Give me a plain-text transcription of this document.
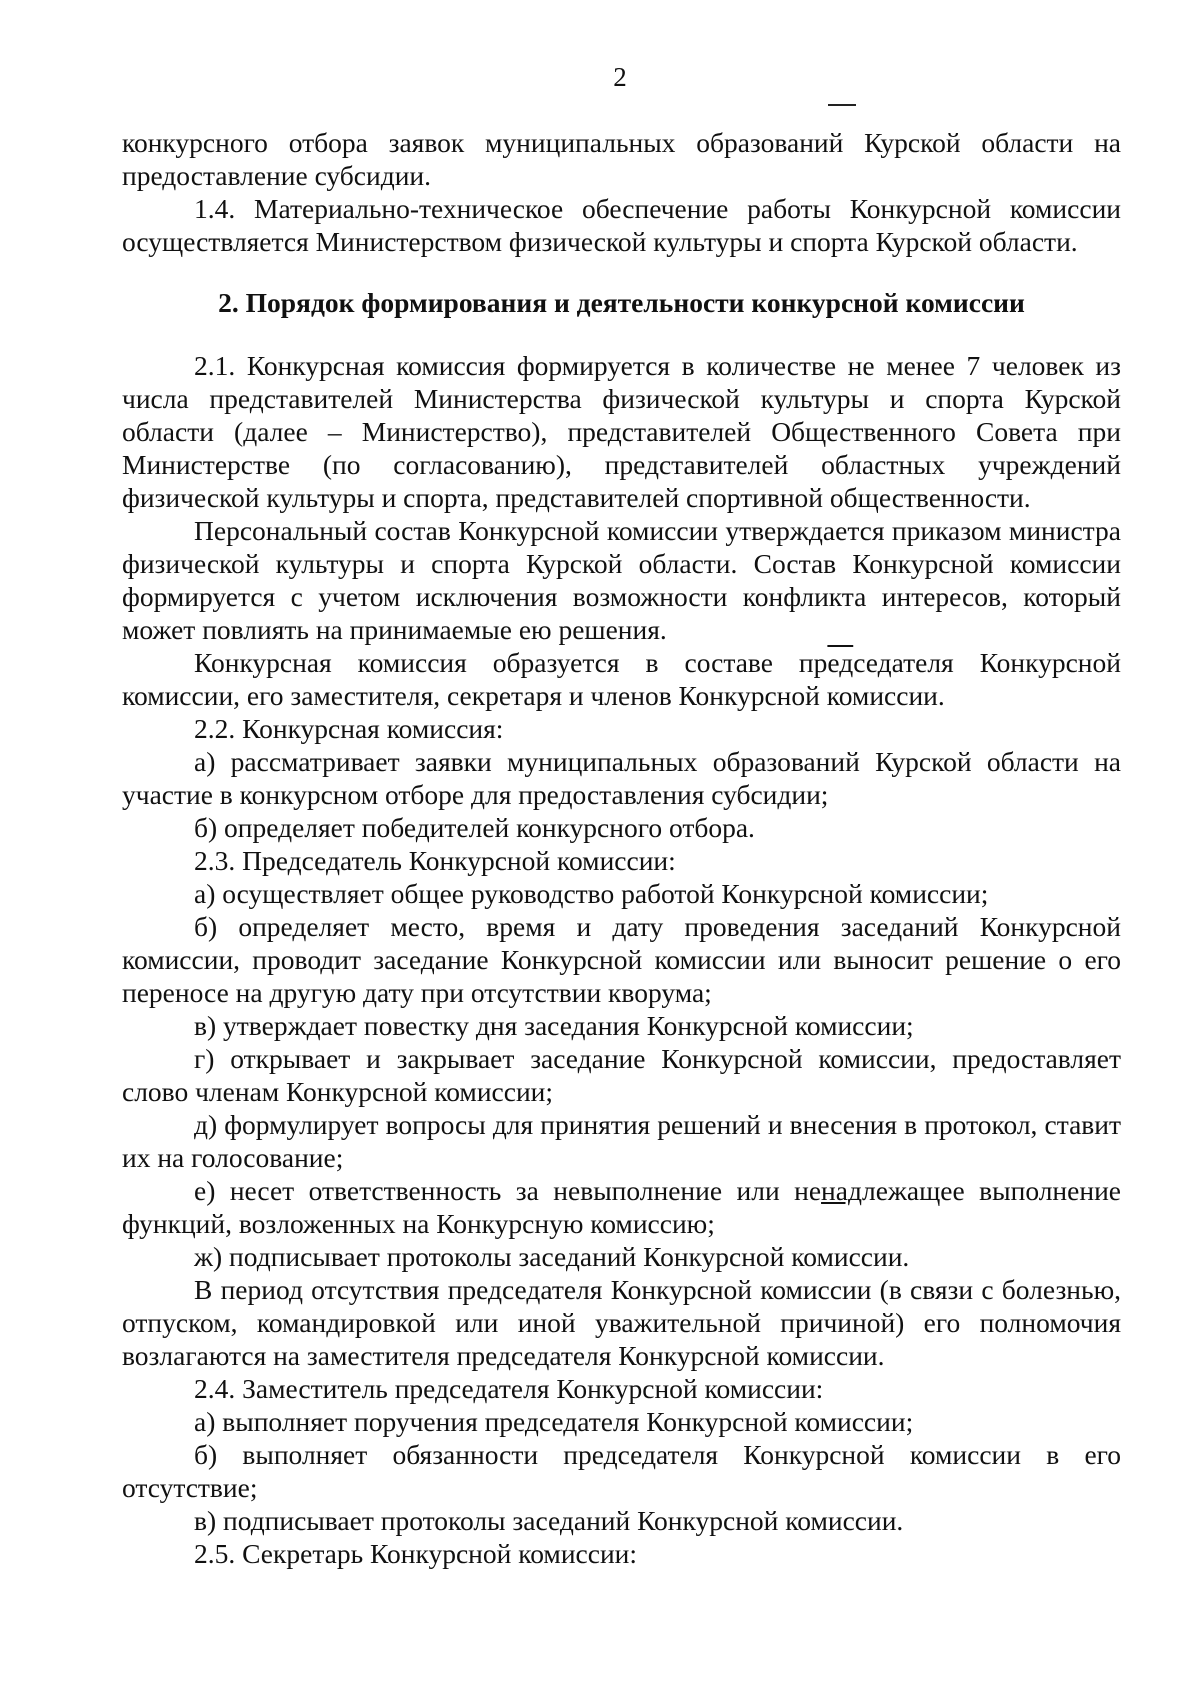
2

конкурсного отбора заявок муниципальных образований Курской области на предоставление субсидии.

1.4. Материально-техническое обеспечение работы Конкурсной комиссии осуществляется Министерством физической культуры и спорта Курской области.

2. Порядок формирования и деятельности конкурсной комиссии

2.1. Конкурсная комиссия формируется в количестве не менее 7 человек из числа представителей Министерства физической культуры и спорта Курской области (далее – Министерство), представителей Общественного Совета при Министерстве (по согласованию), представителей областных учреждений физической культуры и спорта, представителей спортивной общественности.

Персональный состав Конкурсной комиссии утверждается приказом министра физической культуры и спорта Курской области. Состав Конкурсной комиссии формируется с учетом исключения возможности конфликта интересов, который может повлиять на принимаемые ею решения.

Конкурсная комиссия образуется в составе председателя Конкурсной комиссии, его заместителя, секретаря и членов Конкурсной комиссии.

2.2. Конкурсная комиссия:

а) рассматривает заявки муниципальных образований Курской области на участие в конкурсном отборе для предоставления субсидии;

б) определяет победителей конкурсного отбора.

2.3. Председатель Конкурсной комиссии:

а) осуществляет общее руководство работой Конкурсной комиссии;

б) определяет место, время и дату проведения заседаний Конкурсной комиссии, проводит заседание Конкурсной комиссии или выносит решение о его переносе на другую дату при отсутствии кворума;

в) утверждает повестку дня заседания Конкурсной комиссии;

г) открывает и закрывает заседание Конкурсной комиссии, предоставляет слово членам Конкурсной комиссии;

д) формулирует вопросы для принятия решений и внесения в протокол, ставит их на голосование;

е) несет ответственность за невыполнение или ненадлежащее выполнение функций, возложенных на Конкурсную комиссию;

ж) подписывает протоколы заседаний Конкурсной комиссии.

В период отсутствия председателя Конкурсной комиссии (в связи с болезнью, отпуском, командировкой или иной уважительной причиной) его полномочия возлагаются на заместителя председателя Конкурсной комиссии.

2.4. Заместитель председателя Конкурсной комиссии:

а) выполняет поручения председателя Конкурсной комиссии;

б) выполняет обязанности председателя Конкурсной комиссии в его отсутствие;

в) подписывает протоколы заседаний Конкурсной комиссии.

2.5. Секретарь Конкурсной комиссии:
